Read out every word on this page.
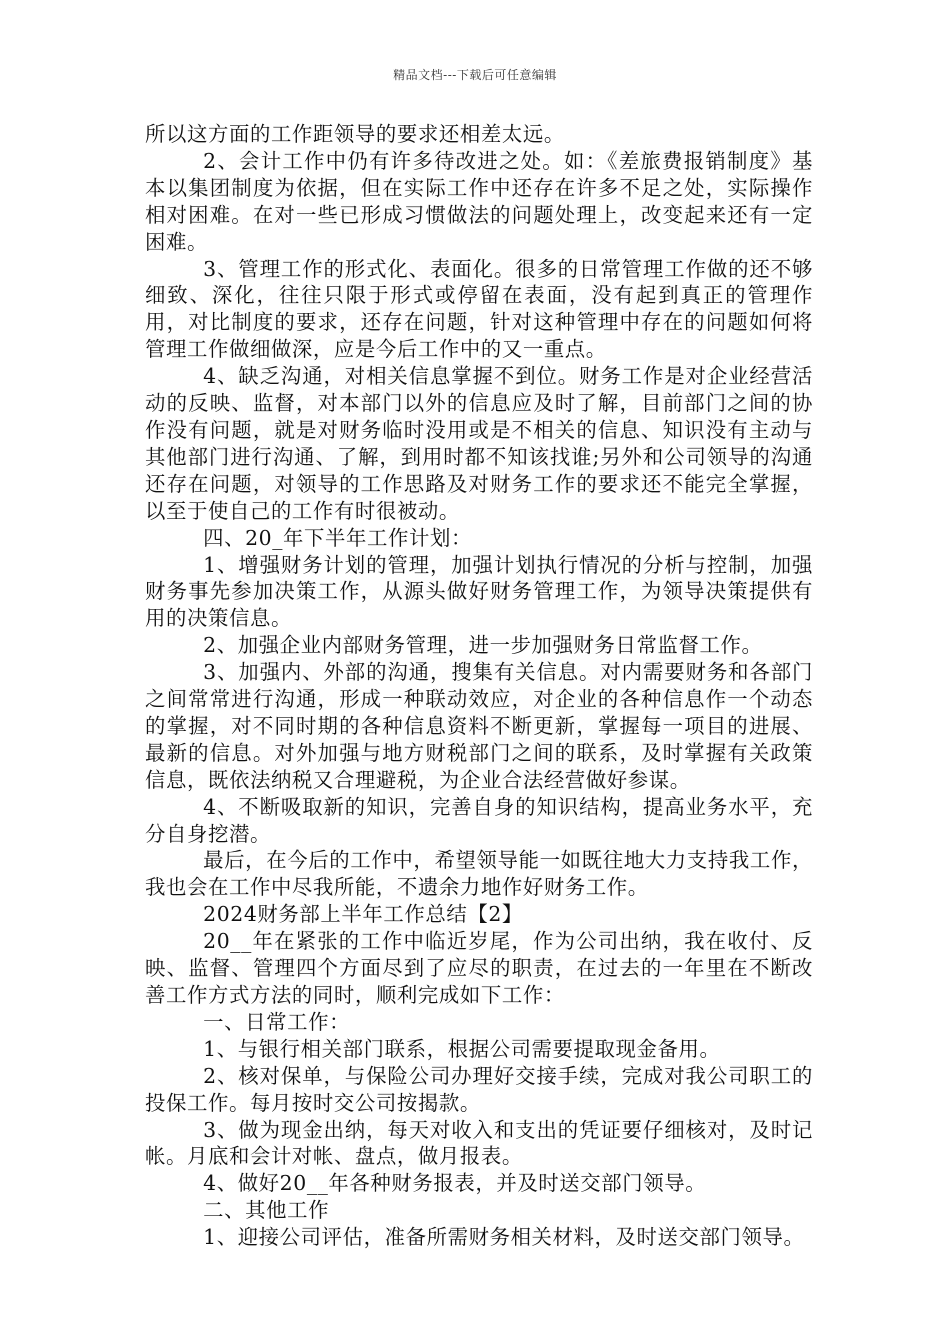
精品文档---下载后可任意编辑

所以这方面的工作距领导的要求还相差太远。

2、会计工作中仍有许多待改进之处。如：《差旅费报销制度》基本以集团制度为依据，但在实际工作中还存在许多不足之处，实际操作相对困难。在对一些已形成习惯做法的问题处理上，改变起来还有一定困难。

3、管理工作的形式化、表面化。很多的日常管理工作做的还不够细致、深化，往往只限于形式或停留在表面，没有起到真正的管理作用，对比制度的要求，还存在问题，针对这种管理中存在的问题如何将管理工作做细做深，应是今后工作中的又一重点。

4、缺乏沟通，对相关信息掌握不到位。财务工作是对企业经营活动的反映、监督，对本部门以外的信息应及时了解，目前部门之间的协作没有问题，就是对财务临时没用或是不相关的信息、知识没有主动与其他部门进行沟通、了解，到用时都不知该找谁;另外和公司领导的沟通还存在问题，对领导的工作思路及对财务工作的要求还不能完全掌握，以至于使自己的工作有时很被动。

四、20_年下半年工作计划：

1、增强财务计划的管理，加强计划执行情况的分析与控制，加强财务事先参加决策工作，从源头做好财务管理工作，为领导决策提供有用的决策信息。

2、加强企业内部财务管理，进一步加强财务日常监督工作。

3、加强内、外部的沟通，搜集有关信息。对内需要财务和各部门之间常常进行沟通，形成一种联动效应，对企业的各种信息作一个动态的掌握，对不同时期的各种信息资料不断更新，掌握每一项目的进展、最新的信息。对外加强与地方财税部门之间的联系，及时掌握有关政策信息，既依法纳税又合理避税，为企业合法经营做好参谋。

4、不断吸取新的知识，完善自身的知识结构，提高业务水平，充分自身挖潜。

最后，在今后的工作中，希望领导能一如既往地大力支持我工作，我也会在工作中尽我所能，不遗余力地作好财务工作。

2024财务部上半年工作总结【2】

20__年在紧张的工作中临近岁尾，作为公司出纳，我在收付、反映、监督、管理四个方面尽到了应尽的职责，在过去的一年里在不断改善工作方式方法的同时，顺利完成如下工作：

一、日常工作：

1、与银行相关部门联系，根据公司需要提取现金备用。

2、核对保单，与保险公司办理好交接手续，完成对我公司职工的投保工作。每月按时交公司按揭款。

3、做为现金出纳，每天对收入和支出的凭证要仔细核对，及时记帐。月底和会计对帐、盘点，做月报表。

4、做好20__年各种财务报表，并及时送交部门领导。

二、其他工作

1、迎接公司评估，准备所需财务相关材料，及时送交部门领导。
